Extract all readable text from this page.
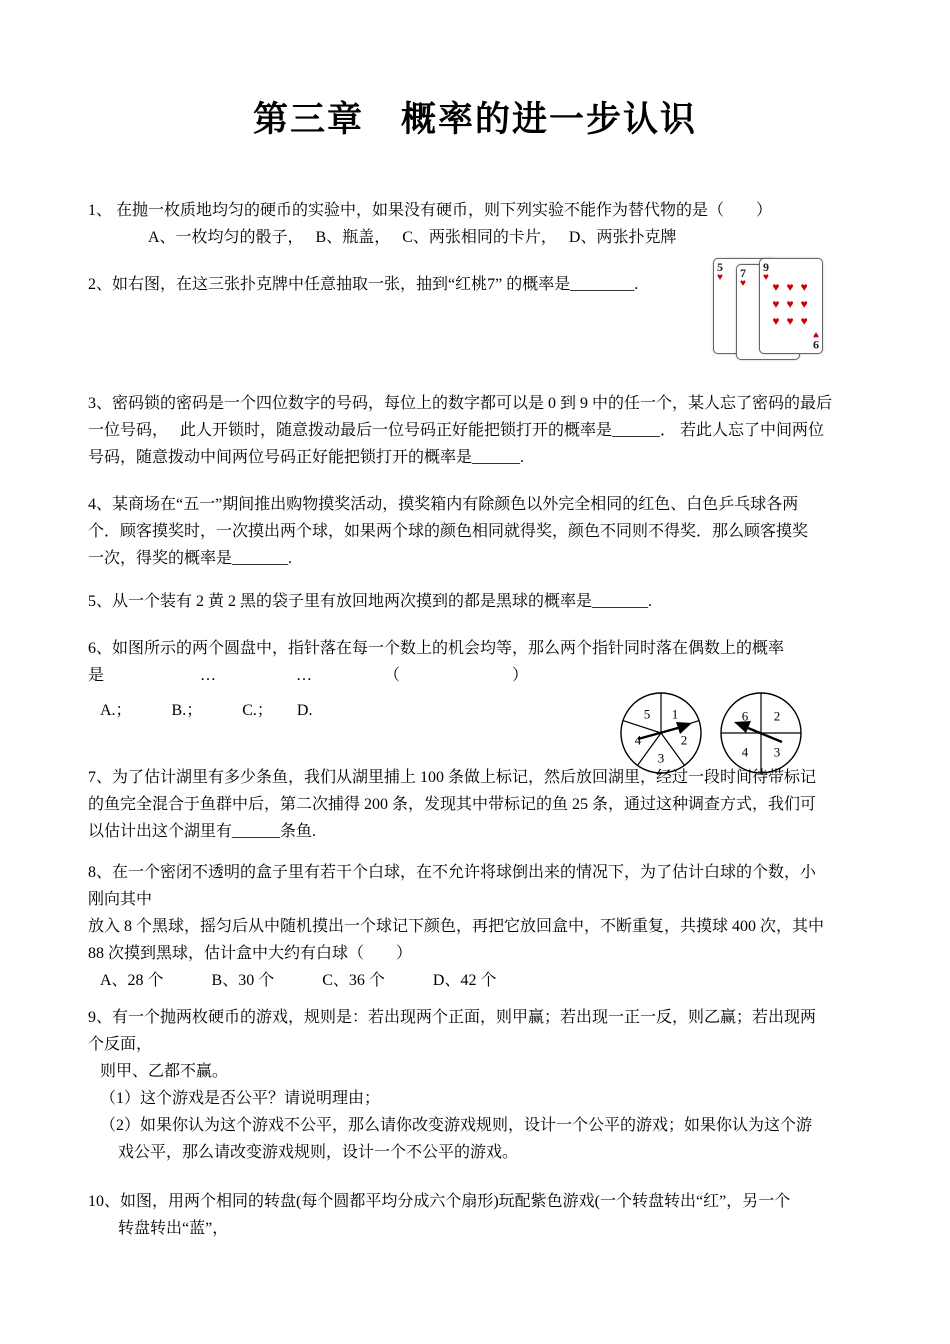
第三章　概率的进一步认识
1、 在抛一枚质地均匀的硬币的实验中，如果没有硬币，则下列实验不能作为替代物的是（　　）
A、一枚均匀的骰子，　 B、瓶盖，　 C、两张相同的卡片，　 D、两张扑克牌
2、如右图，在这三张扑克牌中任意抽取一张，抽到“红桃7” 的概率是________.
3、密码锁的密码是一个四位数字的号码，每位上的数字都可以是 0 到 9 中的任一个，某人忘了密码的最后
一位号码，　 此人开锁时，随意拨动最后一位号码正好能把锁打开的概率是______． 若此人忘了中间两位
号码，随意拨动中间两位号码正好能把锁打开的概率是______.
4、某商场在“五一”期间推出购物摸奖活动，摸奖箱内有除颜色以外完全相同的红色、白色乒乓球各两
个．顾客摸奖时，一次摸出两个球，如果两个球的颜色相同就得奖，颜色不同则不得奖．那么顾客摸奖
一次，得奖的概率是_______.
5、从一个装有 2 黄 2 黑的袋子里有放回地两次摸到的都是黑球的概率是_______.
6、如图所示的两个圆盘中，指针落在每一个数上的机会均等，那么两个指针同时落在偶数上的概率
是　　　　　　…　　　　　…　　　　　（　　　　　　　）
A.；　　　B.；　　　C.；　　D.
7、为了估计湖里有多少条鱼，我们从湖里捕上 100 条做上标记，然后放回湖里，经过一段时间待带标记
的鱼完全混合于鱼群中后，第二次捕得 200 条，发现其中带标记的鱼 25 条，通过这种调查方式，我们可
以估计出这个湖里有______条鱼.
8、在一个密闭不透明的盒子里有若干个白球，在不允许将球倒出来的情况下，为了估计白球的个数，小
刚向其中
放入 8 个黑球，摇匀后从中随机摸出一个球记下颜色，再把它放回盒中，不断重复，共摸球 400 次，其中
88 次摸到黑球，估计盒中大约有白球（　　）
A、28 个　　　B、30 个　　　C、36 个　　　D、42 个
9、有一个抛两枚硬币的游戏，规则是：若出现两个正面，则甲赢；若出现一正一反，则乙赢；若出现两
个反面，
则甲、乙都不赢。
（1）这个游戏是否公平？请说明理由；
（2）如果你认为这个游戏不公平，那么请你改变游戏规则，设计一个公平的游戏；如果你认为这个游
戏公平，那么请改变游戏规则，设计一个不公平的游戏。
10、如图，用两个相同的转盘(每个圆都平均分成六个扇形)玩配紫色游戏(一个转盘转出“红”，另一个
转盘转出“蓝”，
5
♥ 7
♥
9
♥
♥ ♥ ♥
♥ ♥ ♥
♥ ♥ ♥
9
♥
1
2
3
4
5	6 2
3
4
